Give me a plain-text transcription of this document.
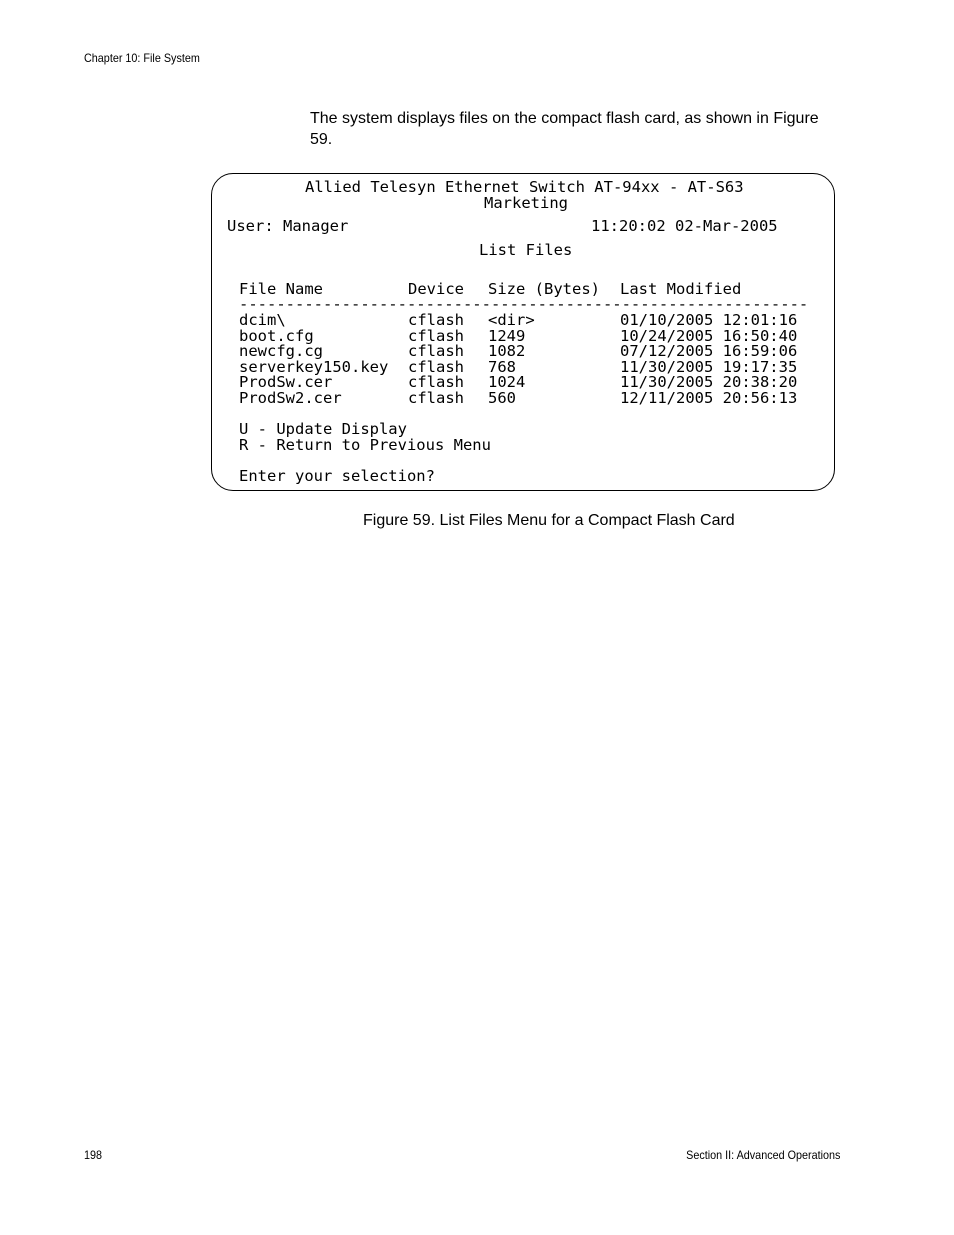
Chapter 10: File System
The system displays files on the compact flash card, as shown in Figure 59.
Allied Telesyn Ethernet Switch AT-94xx - AT-S63
Marketing
User: Manager	11:20:02 02-Mar-2005
List Files
File Name	Device Size (Bytes) Last Modified
-------------------------------------------------------------
dcim\	cflash <dir>	01/10/2005 12:01:16
boot.cfg	cflash 1249	10/24/2005 16:50:40
newcfg.cg	cflash 1082	07/12/2005 16:59:06
serverkey150.key cflash 768	11/30/2005 19:17:35
ProdSw.cer	cflash 1024	11/30/2005 20:38:20
ProdSw2.cer	cflash 560	12/11/2005 20:56:13
U - Update Display
R - Return to Previous Menu
Enter your selection?
Figure 59. List Files Menu for a Compact Flash Card
198	Section II: Advanced Operations
